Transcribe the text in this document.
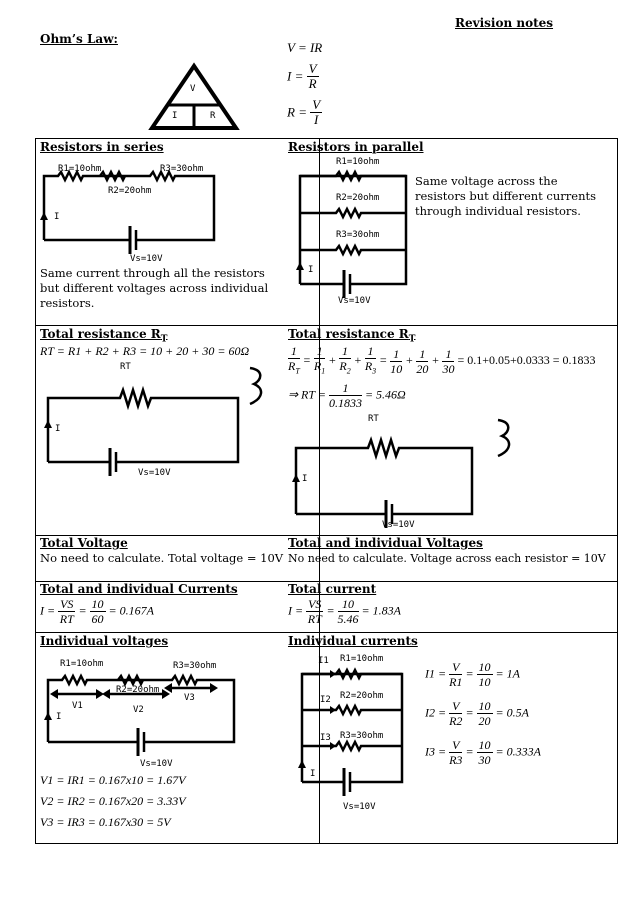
Revision notes
Ohm’s Law:
V
I	R
V = IR
$I = \frac{V}{R}$
$R = \frac{V}{I}$
Resistors in series
R1=10ohm	R3=30ohm
R2=20ohm
I
Vs=10V
Same current through all the resistors but different voltages across individual resistors.
Resistors in parallel
R1=10ohm
R2=20ohm
R3=30ohm
I
Vs=10V
Same voltage across the resistors but different currents through individual resistors.
Total resistance $R_T$
RT = R1 + R2 + R3 = 10 + 20 + 30 = 60Ω
RT
I
Vs=10V
Total resistance $R_T$
$\frac{1}{R_T} = \frac{1}{R_1} + \frac{1}{R_2} + \frac{1}{R_3} = \frac{1}{10} + \frac{1}{20} + \frac{1}{30} = 0.1+0.05+0.0333 = 0.1833$
⇒ RT = $\frac{1}{0.1833} = 5.46\Omega$
RT
I
Vs=10V
Total Voltage
No need to calculate. Total voltage = 10V
Total and individual Voltages
No need to calculate. Voltage across each resistor = 10V
Total and individual Currents
$I = \frac{VS}{RT} = \frac{10}{60} = 0.167A$
Total current
$I = \frac{VS}{RT} = \frac{10}{5.46} = 1.83A$
Individual voltages
R1=10ohm	R3=30ohm
R2=20ohm
V3
V1	V2
I
Vs=10V
V1 = IR1 = 0.167x10 = 1.67V
V2 = IR2 = 0.167x20 = 3.33V
V3 = IR3 = 0.167x30 = 5V
Individual currents
I1 R1=10ohm
R2=20ohm
I2
I3 R3=30ohm
I
Vs=10V
$I1 = \frac{V}{R1} = \frac{10}{10} = 1A$
$I2 = \frac{V}{R2} = \frac{10}{20} = 0.5A$
$I3 = \frac{V}{R3} = \frac{10}{30} = 0.333A$
